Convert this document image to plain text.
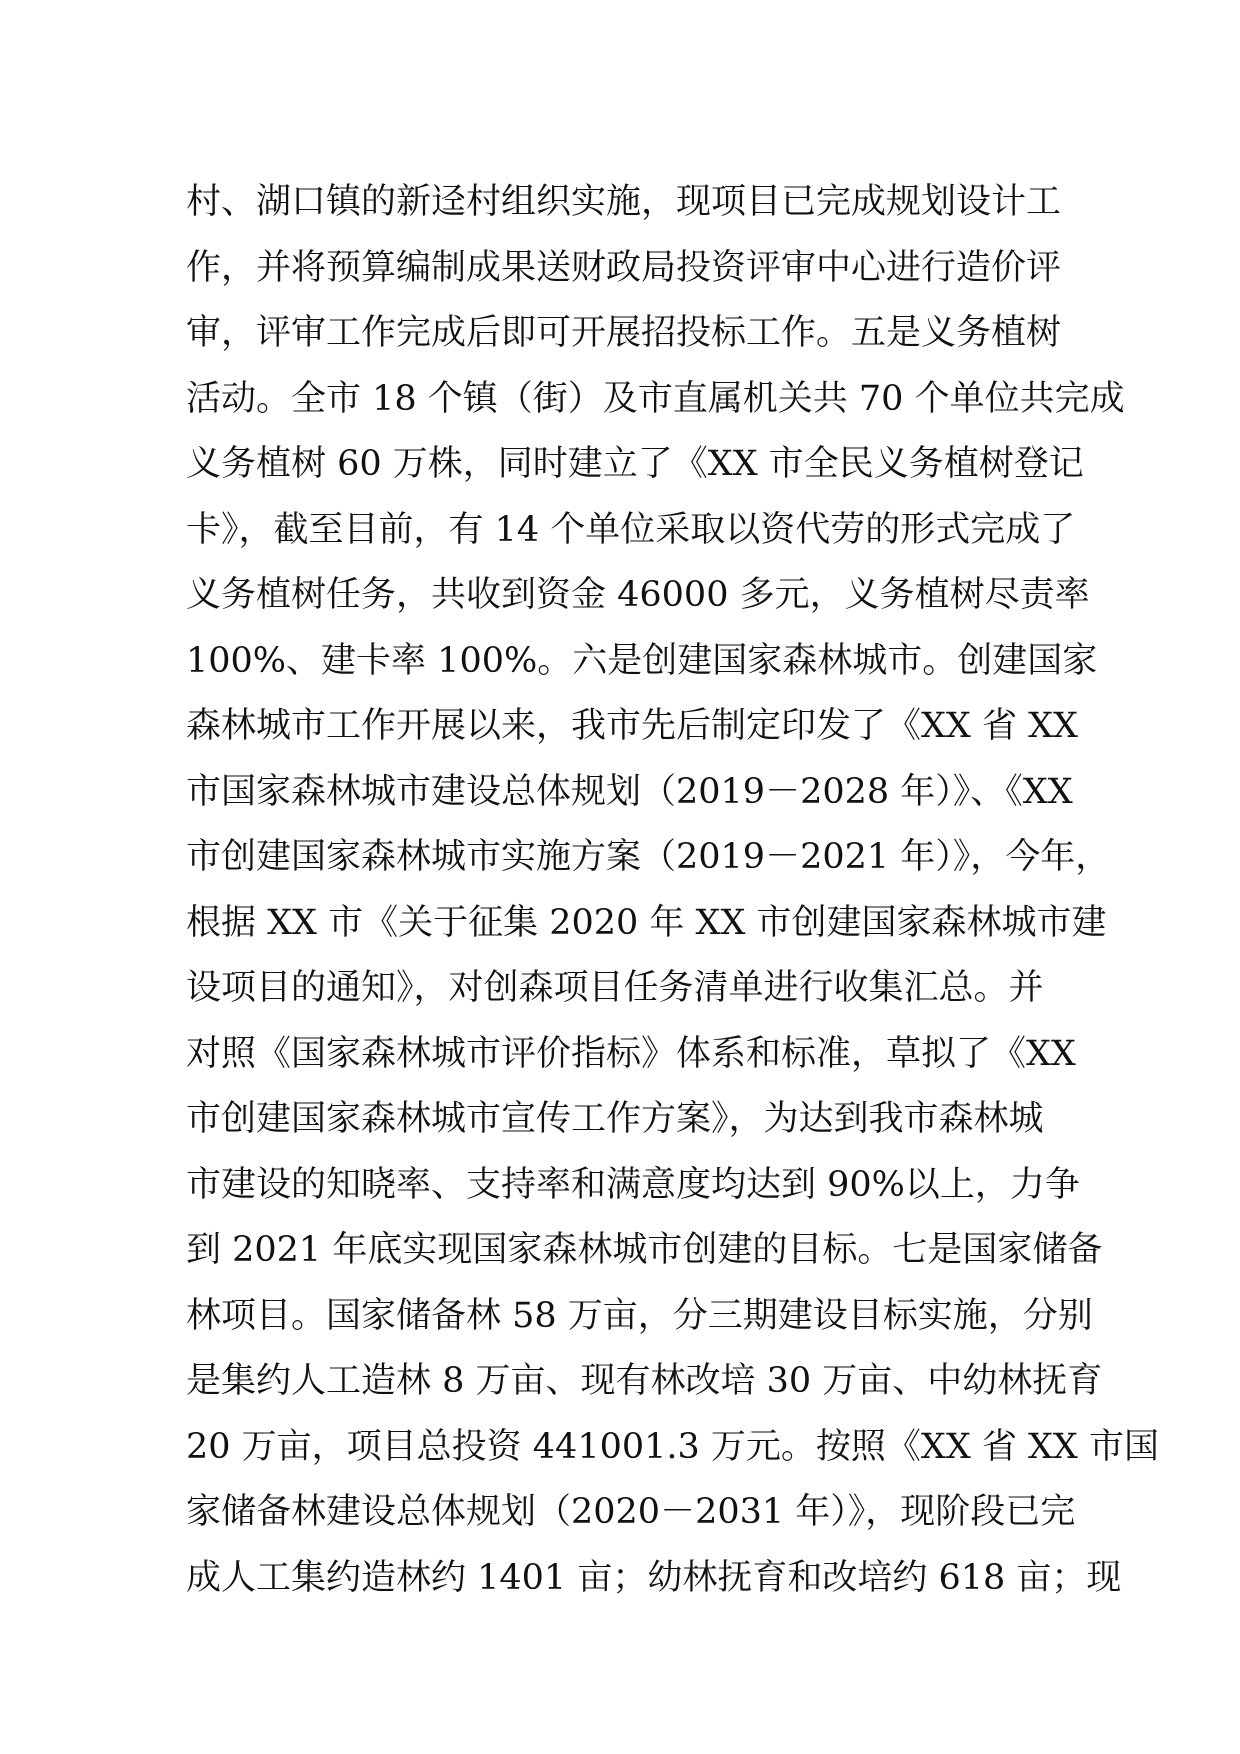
村、湖口镇的新迳村组织实施，现项目已完成规划设计工
作，并将预算编制成果送财政局投资评审中心进行造价评
审，评审工作完成后即可开展招投标工作。五是义务植树
活动。全市 18 个镇（街）及市直属机关共 70 个单位共完成
义务植树 60 万株，同时建立了《XX 市全民义务植树登记
卡》，截至目前，有 14 个单位采取以资代劳的形式完成了
义务植树任务，共收到资金 46000 多元，义务植树尽责率
100%、建卡率 100%。六是创建国家森林城市。创建国家
森林城市工作开展以来，我市先后制定印发了《XX 省 XX
市国家森林城市建设总体规划（2019－2028 年）》、《XX
市创建国家森林城市实施方案（2019－2021 年）》，今年，
根据 XX 市《关于征集 2020 年 XX 市创建国家森林城市建
设项目的通知》，对创森项目任务清单进行收集汇总。并
对照《国家森林城市评价指标》体系和标准，草拟了《XX
市创建国家森林城市宣传工作方案》，为达到我市森林城
市建设的知晓率、支持率和满意度均达到 90%以上，力争
到 2021 年底实现国家森林城市创建的目标。七是国家储备
林项目。国家储备林 58 万亩，分三期建设目标实施，分别
是集约人工造林 8 万亩、现有林改培 30 万亩、中幼林抚育
20 万亩，项目总投资 441001.3 万元。按照《XX 省 XX 市国
家储备林建设总体规划（2020－2031 年）》，现阶段已完
成人工集约造林约 1401 亩；幼林抚育和改培约 618 亩；现
